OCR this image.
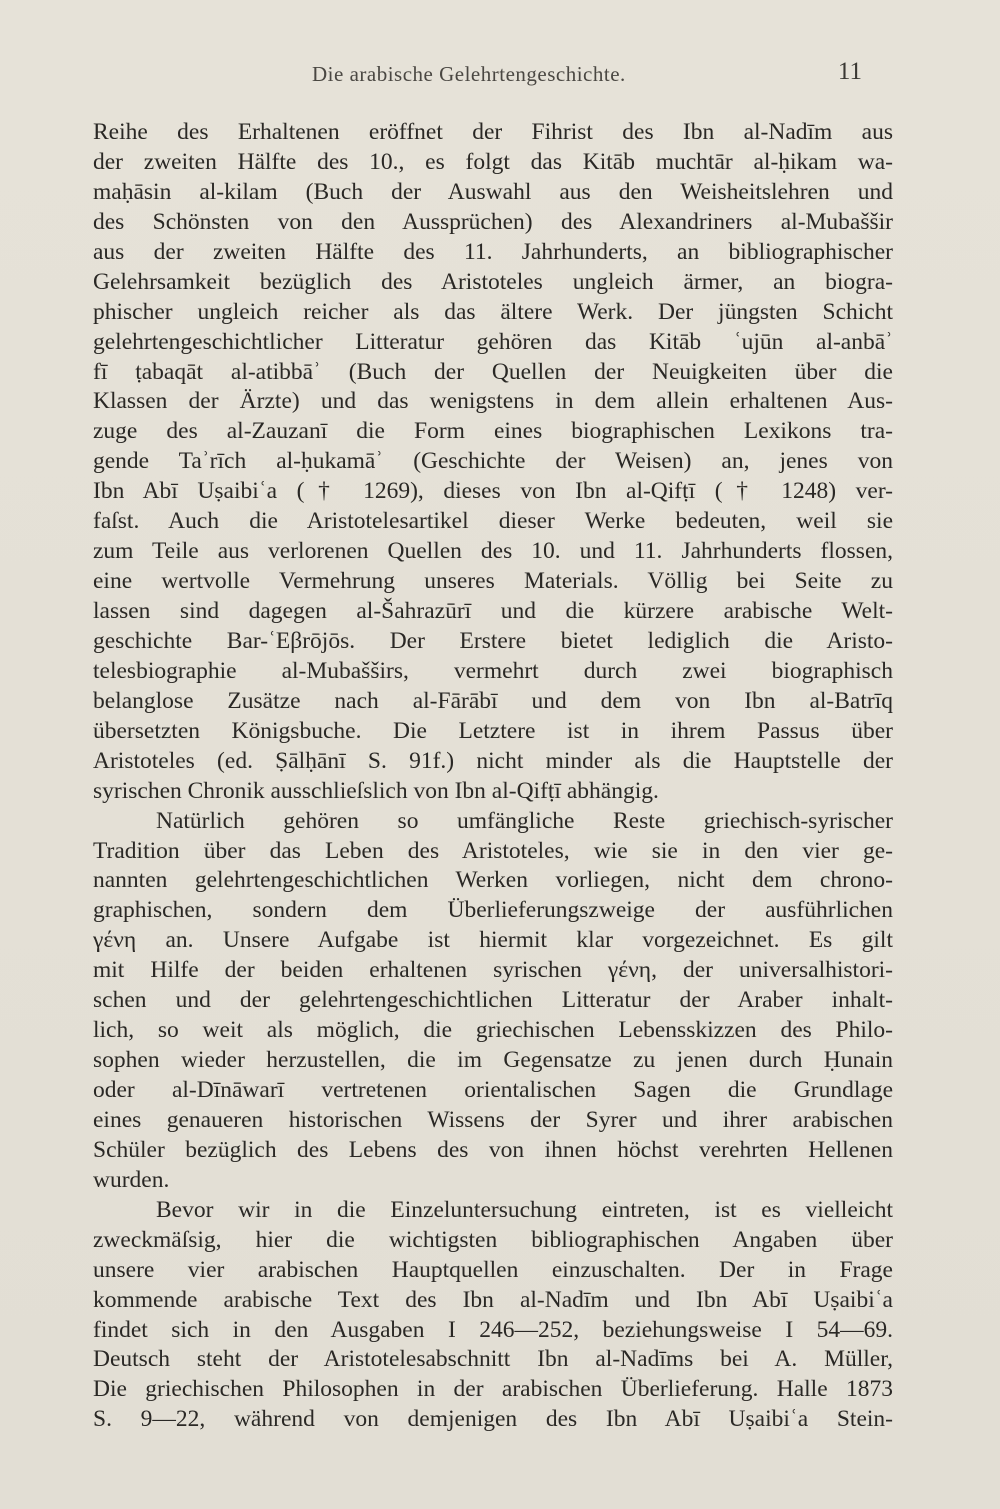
Die arabische Gelehrtengeschichte.	11
Reihe des Erhaltenen eröffnet der Fihrist des Ibn al-Nadīm aus
der zweiten Hälfte des 10., es folgt das Kitāb muchtār al-ḥikam wa-
maḥāsin al-kilam (Buch der Auswahl aus den Weisheitslehren und
des Schönsten von den Aussprüchen) des Alexandriners al-Mubaššir
aus der zweiten Hälfte des 11. Jahrhunderts, an bibliographischer
Gelehrsamkeit bezüglich des Aristoteles ungleich ärmer, an biogra-
phischer ungleich reicher als das ältere Werk. Der jüngsten Schicht
gelehrtengeschichtlicher Litteratur gehören das Kitāb ʿujūn al-anbāʾ
fī ṭabaqāt al-atibbāʾ (Buch der Quellen der Neuigkeiten über die
Klassen der Ärzte) und das wenigstens in dem allein erhaltenen Aus-
zuge des al-Zauzanī die Form eines biographischen Lexikons tra-
gende Taʾrīch al-ḥukamāʾ (Geschichte der Weisen) an, jenes von
Ibn Abī Uṣaibiʿa († 1269), dieses von Ibn al-Qifṭī († 1248) ver-
faſst. Auch die Aristotelesartikel dieser Werke bedeuten, weil sie
zum Teile aus verlorenen Quellen des 10. und 11. Jahrhunderts flossen,
eine wertvolle Vermehrung unseres Materials. Völlig bei Seite zu
lassen sind dagegen al-Šahrazūrī und die kürzere arabische Welt-
geschichte Bar-ʿEβrōjōs. Der Erstere bietet lediglich die Aristo-
telesbiographie al-Mubašširs, vermehrt durch zwei biographisch
belanglose Zusätze nach al-Fārābī und dem von Ibn al-Batrīq
übersetzten Königsbuche. Die Letztere ist in ihrem Passus über
Aristoteles (ed. Ṣālḥānī S. 91f.) nicht minder als die Hauptstelle der
syrischen Chronik ausschlieſslich von Ibn al-Qifṭī abhängig.
Natürlich gehören so umfängliche Reste griechisch-syrischer
Tradition über das Leben des Aristoteles, wie sie in den vier ge-
nannten gelehrtengeschichtlichen Werken vorliegen, nicht dem chrono-
graphischen, sondern dem Überlieferungszweige der ausführlichen
γένη an. Unsere Aufgabe ist hiermit klar vorgezeichnet. Es gilt
mit Hilfe der beiden erhaltenen syrischen γένη, der universalhistori-
schen und der gelehrtengeschichtlichen Litteratur der Araber inhalt-
lich, so weit als möglich, die griechischen Lebensskizzen des Philo-
sophen wieder herzustellen, die im Gegensatze zu jenen durch Ḥunain
oder al-Dīnāwarī vertretenen orientalischen Sagen die Grundlage
eines genaueren historischen Wissens der Syrer und ihrer arabischen
Schüler bezüglich des Lebens des von ihnen höchst verehrten Hellenen
wurden.
Bevor wir in die Einzeluntersuchung eintreten, ist es vielleicht
zweckmäſsig, hier die wichtigsten bibliographischen Angaben über
unsere vier arabischen Hauptquellen einzuschalten. Der in Frage
kommende arabische Text des Ibn al-Nadīm und Ibn Abī Uṣaibiʿa
findet sich in den Ausgaben I 246—252, beziehungsweise I 54—69.
Deutsch steht der Aristotelesabschnitt Ibn al-Nadīms bei A. Müller,
Die griechischen Philosophen in der arabischen Überlieferung. Halle 1873
S. 9—22, während von demjenigen des Ibn Abī Uṣaibiʿa Stein-
